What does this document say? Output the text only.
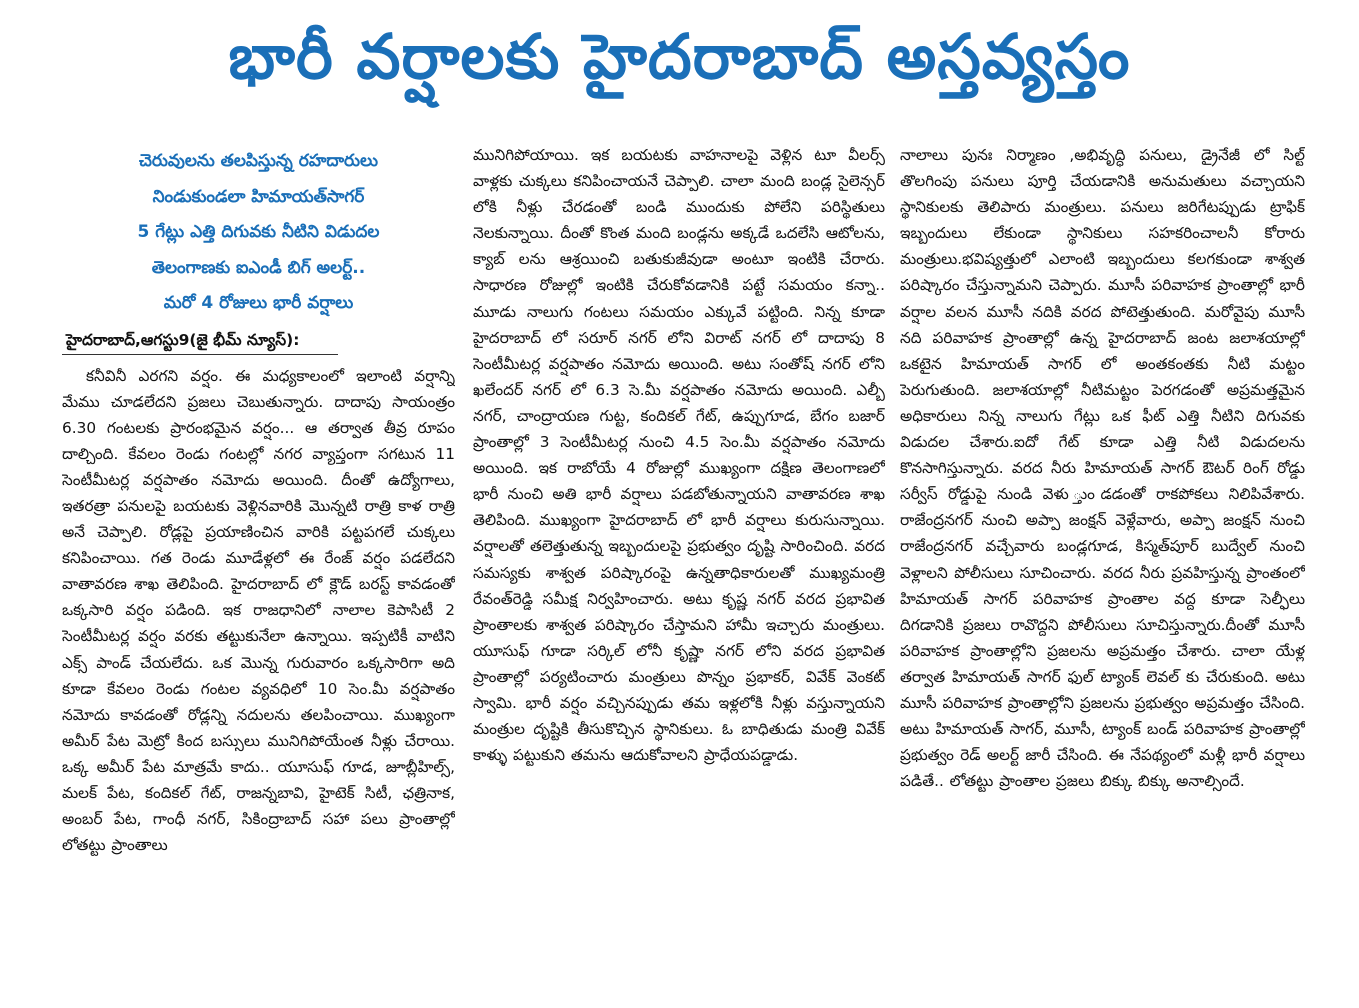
భారీ వర్షాలకు హైదరాబాద్ అస్తవ్యస్తం
చెరువులను తలపిస్తున్న రహదారులు
నిండుకుండలా హిమాయత్‌సాగర్
5 గేట్లు ఎత్తి దిగువకు నీటిని విడుదల
తెలంగాణకు ఐఎండీ బిగ్ అలర్ట్..
మరో 4 రోజులు భారీ వర్షాలు
హైదరాబాద్,ఆగస్టు9(జై భీమ్ న్యూస్):

కనీవినీ ఎరగని వర్షం. ఈ మధ్యకాలంలో ఇలాంటి వర్షాన్ని మేము చూడలేదని ప్రజలు చెబుతున్నారు. దాదాపు సాయంత్రం 6.30 గంటలకు ప్రారంభమైన వర్షం... ఆ తర్వాత తీవ్ర రూపం దాల్చింది. కేవలం రెండు గంటల్లో నగర వ్యాప్తంగా సగటున 11 సెంటీమీటర్ల వర్షపాతం నమోదు అయింది. దీంతో ఉద్యోగాలు, ఇతరత్రా పనులపై బయటకు వెళ్లినవారికి మొన్నటి రాత్రి కాళ రాత్రి అనే చెప్పాలి. రోడ్లపై ప్రయాణించిన వారికి పట్టపగలే చుక్కలు కనిపించాయి. గత రెండు మూడేళ్లలో ఈ రేంజ్ వర్షం పడలేదని వాతావరణ శాఖ తెలిపింది. హైదరాబాద్ లో క్లౌడ్ బరస్ట్ కావడంతో ఒక్కసారి వర్షం పడింది. ఇక రాజధానిలో నాలాల కెపాసిటీ 2 సెంటీమీటర్ల వర్షం వరకు తట్టుకునేలా ఉన్నాయి. ఇప్పటికీ వాటిని ఎక్స్ పాండ్ చేయలేదు. ఒక మొన్న గురువారం ఒక్కసారిగా అది కూడా కేవలం రెండు గంటల వ్యవధిలో 10 సెం.మీ వర్షపాతం నమోదు కావడంతో రోడ్లన్ని నదులను తలపించాయి. ముఖ్యంగా అమీర్ పేట మెట్రో కింద బస్సులు మునిగిపోయేంత నీళ్లు చేరాయి. ఒక్క అమీర్ పేట మాత్రమే కాదు.. యూసుఫ్ గూడ, జూబ్లీహిల్స్, మలక్ పేట, కందికల్ గేట్, రాజన్నబావి, హైటెక్ సిటీ, ఛత్రినాక, అంబర్ పేట, గాంధీ నగర్, సికింద్రాబాద్ సహా పలు ప్రాంతాల్లో లోతట్టు ప్రాంతాలు

మునిగిపోయాయి. ఇక బయటకు వాహనాలపై వెళ్లిన టూ వీలర్స్ వాళ్లకు చుక్కలు కనిపించాయనే చెప్పాలి. చాలా మంది బండ్ల సైలెన్సర్ లోకి నీళ్లు చేరడంతో బండి ముందుకు పోలేని పరిస్థితులు నెలకున్నాయి. దీంతో కొంత మంది బండ్లను అక్కడే ఒదలేసి ఆటోలను, క్యాబ్ లను ఆశ్రయించి బతుకుజీవుడా అంటూ ఇంటికి చేరారు. సాధారణ రోజుల్లో ఇంటికి చేరుకోవడానికి పట్టే సమయం కన్నా.. మూడు నాలుగు గంటలు సమయం ఎక్కువే పట్టింది. నిన్న కూడా హైదరాబాద్ లో సరూర్ నగర్ లోని విరాట్ నగర్ లో దాదాపు 8 సెంటీమీటర్ల వర్షపాతం నమోదు అయింది. అటు సంతోష్ నగర్ లోని ఖలేందర్ నగర్ లో 6.3 సె.మీ వర్షపాతం నమోదు అయింది. ఎల్బీ నగర్, చాంద్రాయణ గుట్ట, కందికల్ గేట్, ఉప్పుగూడ, బేగం బజార్ ప్రాంతాల్లో 3 సెంటీమీటర్ల నుంచి 4.5 సెం.మీ వర్షపాతం నమోదు అయింది. ఇక రాబోయే 4 రోజుల్లో ముఖ్యంగా దక్షిణ తెలంగాణలో భారీ నుంచి అతి భారీ వర్షాలు పడబోతున్నాయని వాతావరణ శాఖ తెలిపింది. ముఖ్యంగా హైదరాబాద్ లో భారీ వర్షాలు కురుసున్నాయి. వర్షాలతో తలెత్తుతున్న ఇబ్బందులపై ప్రభుత్వం దృష్టి సారించింది. వరద సమస్యకు శాశ్వత పరిష్కారంపై ఉన్నతాధికారులతో ముఖ్యమంత్రి రేవంత్‌రెడ్డి సమీక్ష నిర్వహించారు. అటు కృష్ణ నగర్ వరద ప్రభావిత ప్రాంతాలకు శాశ్వత పరిష్కారం చేస్తామని హామీ ఇచ్చారు మంత్రులు. యూసుఫ్ గూడా సర్కిల్ లోనీ కృష్ణా నగర్ లోని వరద ప్రభావిత ప్రాంతాల్లో పర్యటించారు మంత్రులు పొన్నం ప్రభాకర్, వివేక్ వెంకట్ స్వామి. భారీ వర్షం వచ్చినప్పుడు తమ ఇళ్లలోకి నీళ్లు వస్తున్నాయని మంత్రుల దృష్టికి తీసుకొచ్చిన స్థానికులు. ఓ బాధితుడు మంత్రి వివేక్ కాళ్ళు పట్టుకుని తమను ఆదుకోవాలని ప్రాధేయపడ్డాడు.

నాలాలు పునః నిర్మాణం ,అభివృద్ధి పనులు, డ్రైనేజీ లో సిల్ట్ తొలగింపు పనులు పూర్తి చేయడానికి అనుమతులు వచ్చాయని స్థానికులకు తెలిపారు మంత్రులు. పనులు జరిగేటప్పుడు ట్రాఫిక్ ఇబ్బందులు లేకుండా స్థానికులు సహకరించాలనీ కోరారు మంత్రులు.భవిష్యత్తులో ఎలాంటి ఇబ్బందులు కలగకుండా శాశ్వత పరిష్కారం చేస్తున్నామని చెప్పారు. మూసీ పరివాహక ప్రాంతాల్లో భారీ వర్షాల వలన మూసీ నదికి వరద పోటెత్తుతుంది. మరోవైపు మూసీ నది పరివాహక ప్రాంతాల్లో ఉన్న హైదరాబాద్ జంట జలాశయాల్లో ఒకటైన హిమాయత్ సాగర్ లో అంతకంతకు నీటి మట్టం పెరుగుతుంది. జలాశయాల్లో నీటిమట్టం పెరగడంతో అప్రమత్తమైన అధికారులు నిన్న నాలుగు గేట్లు ఒక ఫీట్ ఎత్తి నీటిని దిగువకు విడుదల చేశారు.ఐదో గేట్ కూడా ఎత్తి నీటి విడుదలను కొనసాగిస్తున్నారు. వరద నీరు హిమాయత్ సాగర్ ఔటర్ రింగ్ రోడ్డు సర్వీస్ రోడ్డుపై నుండి వెళు ్తుండడంతో రాకపోకలు నిలిపివేశారు. రాజేంద్రనగర్ నుంచి అప్పా జంక్షన్ వెళ్లేవారు, అప్పా జంక్షన్ నుంచి రాజేంద్రనగర్ వచ్చేవారు బండ్లగూడ, కిస్మత్‌పూర్ బుద్వేల్ నుంచి వెళ్లాలని పోలీసులు సూచించారు. వరద నీరు ప్రవహిస్తున్న ప్రాంతంలో హిమాయత్ సాగర్ పరివాహక ప్రాంతాల వద్ద కూడా సెల్ఫీలు దిగడానికి ప్రజలు రావొద్దని పోలీసులు సూచిస్తున్నారు.దీంతో మూసీ పరివాహక ప్రాంతాల్లోని ప్రజలను అప్రమత్తం చేశారు. చాలా యేళ్ల తర్వాత హిమాయత్ సాగర్ ఫుల్ ట్యాంక్ లెవల్ కు చేరుకుంది. అటు మూసీ పరివాహక ప్రాంతాల్లోని ప్రజలను ప్రభుత్వం అప్రమత్తం చేసింది. అటు హిమాయత్ సాగర్, మూసీ, ట్యాంక్ బండ్ పరివాహక ప్రాంతాల్లో ప్రభుత్వం రెడ్ అలర్ట్ జారీ చేసింది. ఈ నేపథ్యంలో మళ్లీ భారీ వర్షాలు పడితే.. లోతట్టు ప్రాంతాల ప్రజలు బిక్కు బిక్కు అనాల్సిందే.
